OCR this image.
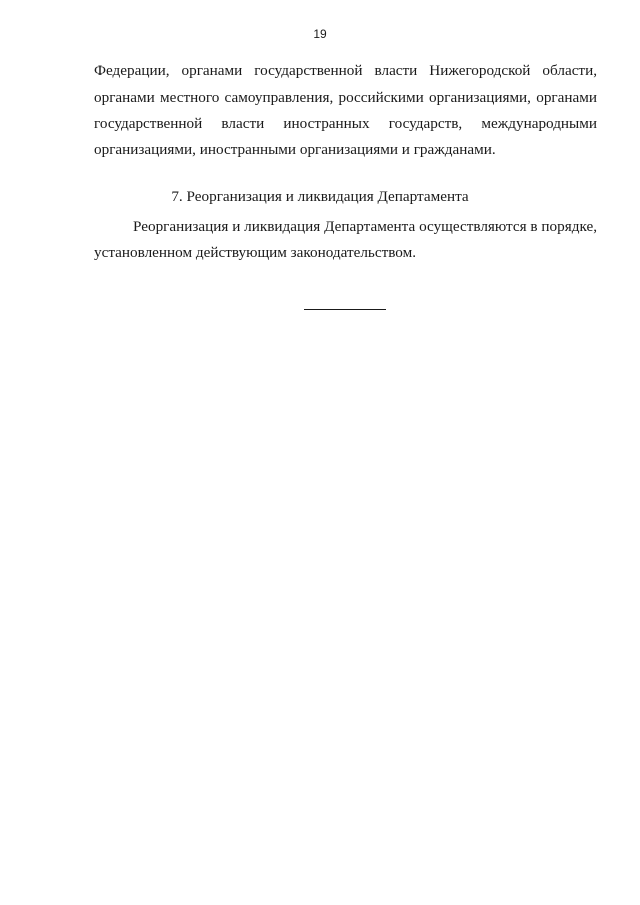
19
Федерации, органами государственной власти Нижегородской области,
органами местного самоуправления, российскими организациями, органами
государственной власти иностранных государств, международными
организациями, иностранными организациями и гражданами.
7. Реорганизация и ликвидация Департамента
Реорганизация и ликвидация Департамента осуществляются в порядке,
установленном действующим законодательством.
